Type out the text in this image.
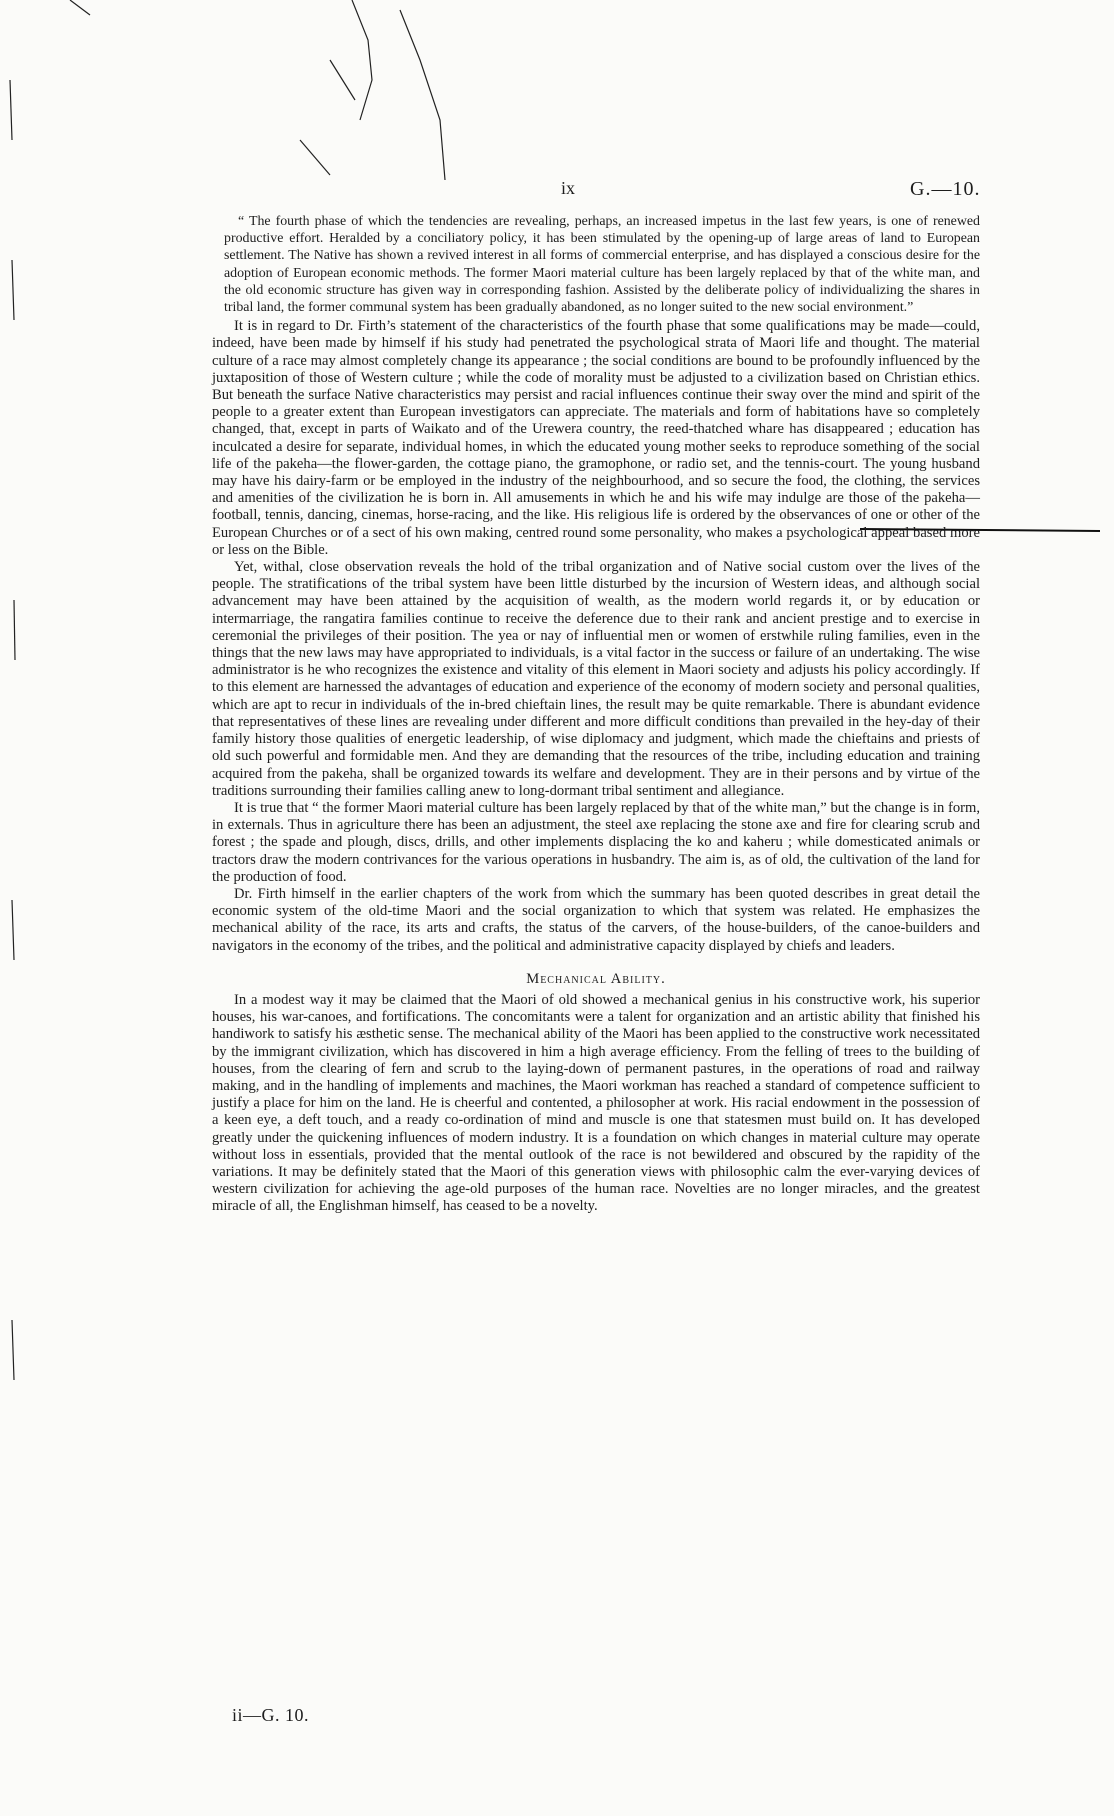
ix	G.—10.

“ The fourth phase of which the tendencies are revealing, perhaps, an increased impetus in the last few years, is one of renewed productive effort. Heralded by a conciliatory policy, it has been stimulated by the opening-up of large areas of land to European settlement. The Native has shown a revived interest in all forms of commercial enterprise, and has displayed a conscious desire for the adoption of European economic methods. The former Maori material culture has been largely replaced by that of the white man, and the old economic structure has given way in corresponding fashion. Assisted by the deliberate policy of individualizing the shares in tribal land, the former communal system has been gradually abandoned, as no longer suited to the new social environment.”

It is in regard to Dr. Firth’s statement of the characteristics of the fourth phase that some qualifications may be made—could, indeed, have been made by himself if his study had penetrated the psychological strata of Maori life and thought. The material culture of a race may almost completely change its appearance ; the social conditions are bound to be profoundly influenced by the juxtaposition of those of Western culture ; while the code of morality must be adjusted to a civilization based on Christian ethics. But beneath the surface Native characteristics may persist and racial influences continue their sway over the mind and spirit of the people to a greater extent than European investigators can appreciate. The materials and form of habitations have so completely changed, that, except in parts of Waikato and of the Urewera country, the reed-thatched whare has disappeared ; education has inculcated a desire for separate, individual homes, in which the educated young mother seeks to reproduce something of the social life of the pakeha—the flower-garden, the cottage piano, the gramophone, or radio set, and the tennis-court. The young husband may have his dairy-farm or be employed in the industry of the neighbourhood, and so secure the food, the clothing, the services and amenities of the civilization he is born in. All amusements in which he and his wife may indulge are those of the pakeha—football, tennis, dancing, cinemas, horse-racing, and the like. His religious life is ordered by the observances of one or other of the European Churches or of a sect of his own making, centred round some personality, who makes a psychological appeal based more or less on the Bible.

Yet, withal, close observation reveals the hold of the tribal organization and of Native social custom over the lives of the people. The stratifications of the tribal system have been little disturbed by the incursion of Western ideas, and although social advancement may have been attained by the acquisition of wealth, as the modern world regards it, or by education or intermarriage, the rangatira families continue to receive the deference due to their rank and ancient prestige and to exercise in ceremonial the privileges of their position. The yea or nay of influential men or women of erstwhile ruling families, even in the things that the new laws may have appropriated to individuals, is a vital factor in the success or failure of an undertaking. The wise administrator is he who recognizes the existence and vitality of this element in Maori society and adjusts his policy accordingly. If to this element are harnessed the advantages of education and experience of the economy of modern society and personal qualities, which are apt to recur in individuals of the in-bred chieftain lines, the result may be quite remarkable. There is abundant evidence that representatives of these lines are revealing under different and more difficult conditions than prevailed in the hey-day of their family history those qualities of energetic leadership, of wise diplomacy and judgment, which made the chieftains and priests of old such powerful and formidable men. And they are demanding that the resources of the tribe, including education and training acquired from the pakeha, shall be organized towards its welfare and development. They are in their persons and by virtue of the traditions surrounding their families calling anew to long-dormant tribal sentiment and allegiance.

It is true that “ the former Maori material culture has been largely replaced by that of the white man,” but the change is in form, in externals. Thus in agriculture there has been an adjustment, the steel axe replacing the stone axe and fire for clearing scrub and forest ; the spade and plough, discs, drills, and other implements displacing the ko and kaheru ; while domesticated animals or tractors draw the modern contrivances for the various operations in husbandry. The aim is, as of old, the cultivation of the land for the production of food.

Dr. Firth himself in the earlier chapters of the work from which the summary has been quoted describes in great detail the economic system of the old-time Maori and the social organization to which that system was related. He emphasizes the mechanical ability of the race, its arts and crafts, the status of the carvers, of the house-builders, of the canoe-builders and navigators in the economy of the tribes, and the political and administrative capacity displayed by chiefs and leaders.

Mechanical Ability.

In a modest way it may be claimed that the Maori of old showed a mechanical genius in his constructive work, his superior houses, his war-canoes, and fortifications. The concomitants were a talent for organization and an artistic ability that finished his handiwork to satisfy his æsthetic sense. The mechanical ability of the Maori has been applied to the constructive work necessitated by the immigrant civilization, which has discovered in him a high average efficiency. From the felling of trees to the building of houses, from the clearing of fern and scrub to the laying-down of permanent pastures, in the operations of road and railway making, and in the handling of implements and machines, the Maori workman has reached a standard of competence sufficient to justify a place for him on the land. He is cheerful and contented, a philosopher at work. His racial endowment in the possession of a keen eye, a deft touch, and a ready co-ordination of mind and muscle is one that statesmen must build on. It has developed greatly under the quickening influences of modern industry. It is a foundation on which changes in material culture may operate without loss in essentials, provided that the mental outlook of the race is not bewildered and obscured by the rapidity of the variations. It may be definitely stated that the Maori of this generation views with philosophic calm the ever-varying devices of western civilization for achieving the age-old purposes of the human race. Novelties are no longer miracles, and the greatest miracle of all, the Englishman himself, has ceased to be a novelty.

ii—G. 10.
